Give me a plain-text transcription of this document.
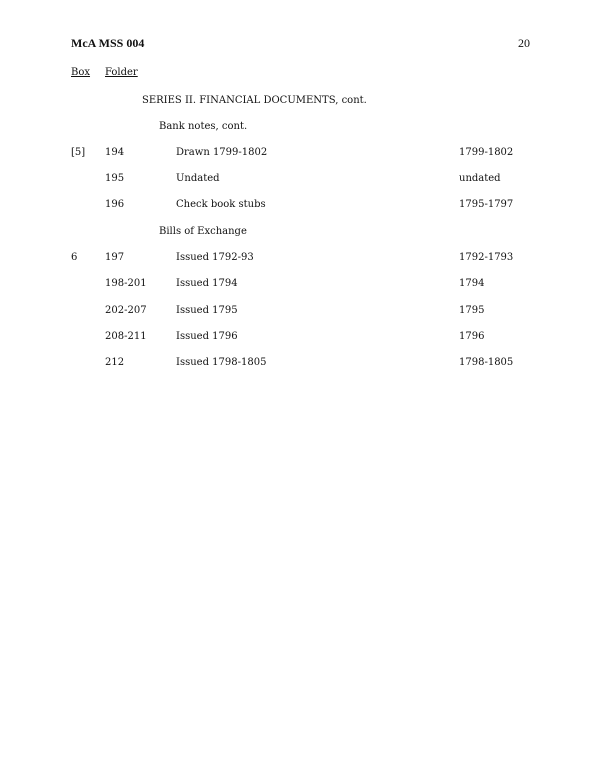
McA MSS 004	20
Box Folder
SERIES II. FINANCIAL DOCUMENTS, cont.
Bank notes, cont.
[5] 194	Drawn 1799-1802	1799-1802
195	Undated	undated
196	Check book stubs	1795-1797
Bills of Exchange
6	197	Issued 1792-93	1792-1793
198-201	Issued 1794	1794
202-207	Issued 1795	1795
208-211	Issued 1796	1796
212	Issued 1798-1805	1798-1805
